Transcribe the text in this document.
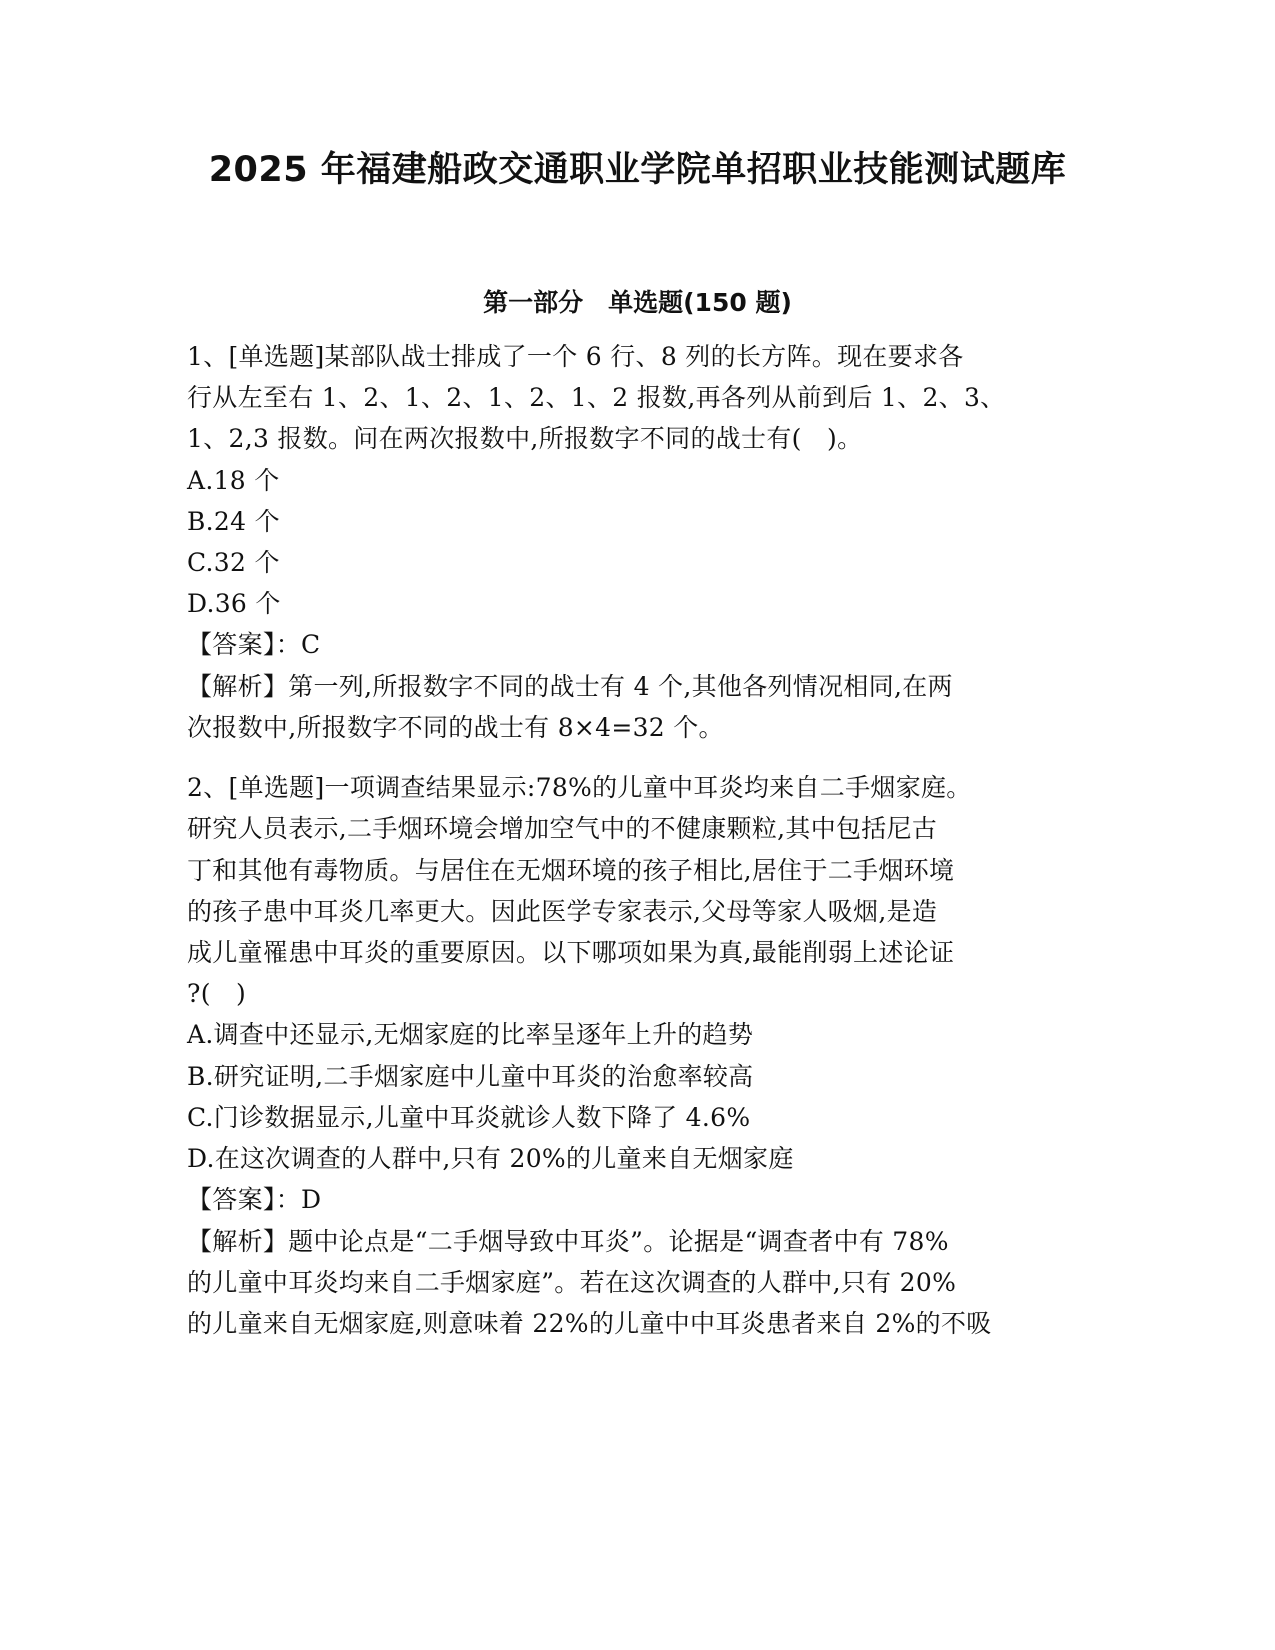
2025 年福建船政交通职业学院单招职业技能测试题库
第一部分　单选题(150 题)
1、[单选题]某部队战士排成了一个 6 行、8 列的长方阵。现在要求各
行从左至右 1、2、1、2、1、2、1、2 报数,再各列从前到后 1、2、3、
1、2,3 报数。问在两次报数中,所报数字不同的战士有(　)。
A.18 个
B.24 个
C.32 个
D.36 个
【答案】：C
【解析】第一列,所报数字不同的战士有 4 个,其他各列情况相同,在两
次报数中,所报数字不同的战士有 8×4=32 个。
2、[单选题]一项调查结果显示:78%的儿童中耳炎均来自二手烟家庭。
研究人员表示,二手烟环境会增加空气中的不健康颗粒,其中包括尼古
丁和其他有毒物质。与居住在无烟环境的孩子相比,居住于二手烟环境
的孩子患中耳炎几率更大。因此医学专家表示,父母等家人吸烟,是造
成儿童罹患中耳炎的重要原因。以下哪项如果为真,最能削弱上述论证
?(　)
A.调查中还显示,无烟家庭的比率呈逐年上升的趋势
B.研究证明,二手烟家庭中儿童中耳炎的治愈率较高
C.门诊数据显示,儿童中耳炎就诊人数下降了 4.6%
D.在这次调查的人群中,只有 20%的儿童来自无烟家庭
【答案】：D
【解析】题中论点是“二手烟导致中耳炎”。论据是“调查者中有 78%
的儿童中耳炎均来自二手烟家庭”。若在这次调查的人群中,只有 20%
的儿童来自无烟家庭,则意味着 22%的儿童中中耳炎患者来自 2%的不吸
